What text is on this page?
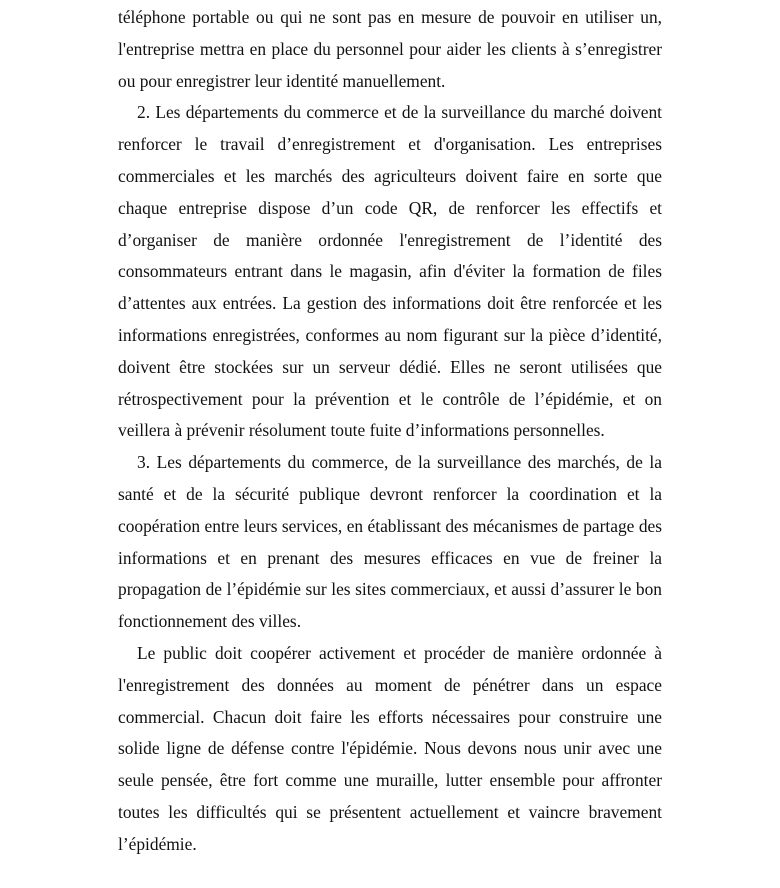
téléphone portable ou qui ne sont pas en mesure de pouvoir en utiliser un, l'entreprise mettra en place du personnel pour aider les clients à s’enregistrer ou pour enregistrer leur identité manuellement.

2. Les départements du commerce et de la surveillance du marché doivent renforcer le travail d’enregistrement et d'organisation. Les entreprises commerciales et les marchés des agriculteurs doivent faire en sorte que chaque entreprise dispose d’un code QR, de renforcer les effectifs et d’organiser de manière ordonnée l'enregistrement de l’identité des consommateurs entrant dans le magasin, afin d'éviter la formation de files d’attentes aux entrées. La gestion des informations doit être renforcée et les informations enregistrées, conformes au nom figurant sur la pièce d’identité, doivent être stockées sur un serveur dédié. Elles ne seront utilisées que rétrospectivement pour la prévention et le contrôle de l’épidémie, et on veillera à prévenir résolument toute fuite d’informations personnelles.

3. Les départements du commerce, de la surveillance des marchés, de la santé et de la sécurité publique devront renforcer la coordination et la coopération entre leurs services, en établissant des mécanismes de partage des informations et en prenant des mesures efficaces en vue de freiner la propagation de l’épidémie sur les sites commerciaux, et aussi d’assurer le bon fonctionnement des villes.

Le public doit coopérer activement et procéder de manière ordonnée à l'enregistrement des données au moment de pénétrer dans un espace commercial. Chacun doit faire les efforts nécessaires pour construire une solide ligne de défense contre l'épidémie. Nous devons nous unir avec une seule pensée, être fort comme une muraille, lutter ensemble pour affronter toutes les difficultés qui se présentent actuellement et vaincre bravement l’épidémie.
